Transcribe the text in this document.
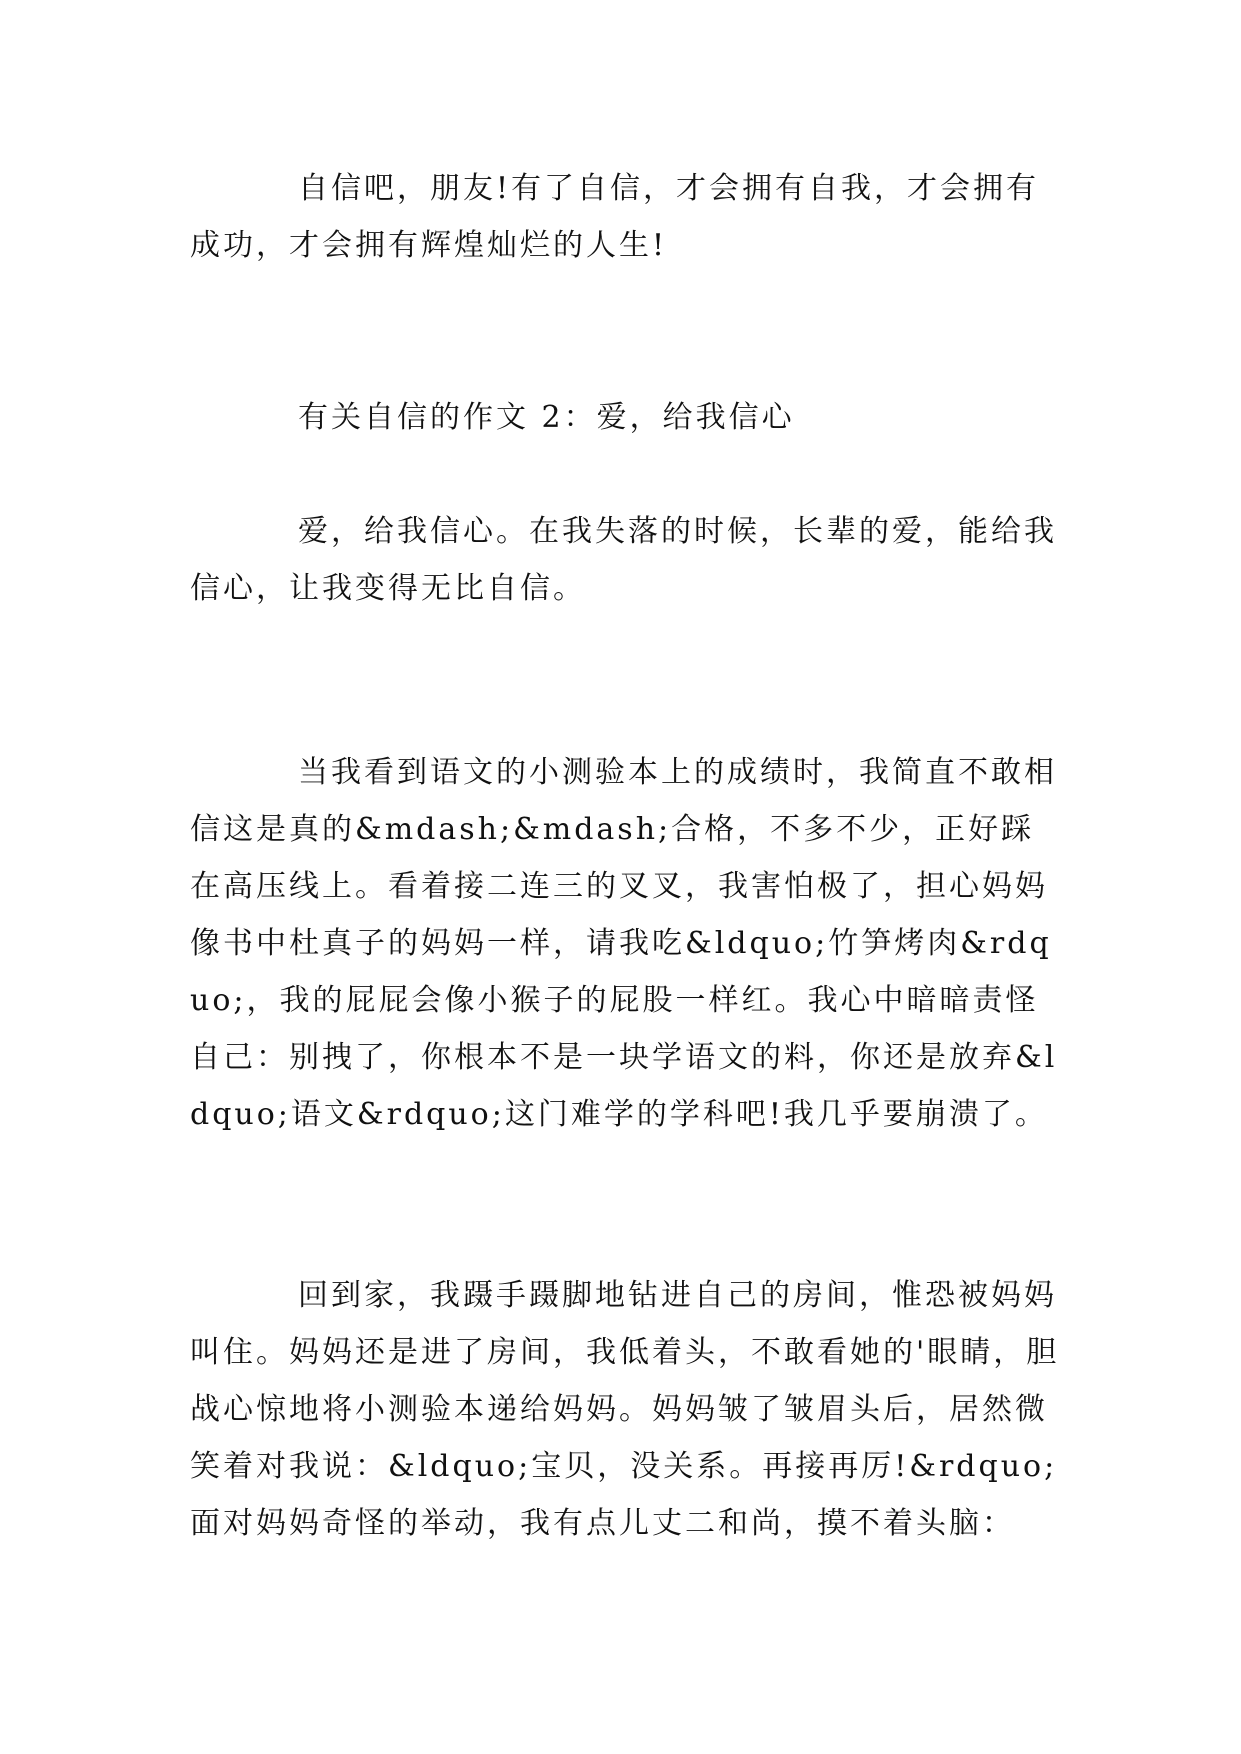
自信吧，朋友!有了自信，才会拥有自我，才会拥有成功，才会拥有辉煌灿烂的人生!

有关自信的作文 2：爱，给我信心

爱，给我信心。在我失落的时候，长辈的爱，能给我信心，让我变得无比自信。

当我看到语文的小测验本上的成绩时，我简直不敢相信这是真的&mdash;&mdash;合格，不多不少，正好踩在高压线上。看着接二连三的叉叉，我害怕极了，担心妈妈像书中杜真子的妈妈一样，请我吃&ldquo;竹笋烤肉&rdquo;，我的屁屁会像小猴子的屁股一样红。我心中暗暗责怪自己：别拽了，你根本不是一块学语文的料，你还是放弃&ldquo;语文&rdquo;这门难学的学科吧!我几乎要崩溃了。

回到家，我蹑手蹑脚地钻进自己的房间，惟恐被妈妈叫住。妈妈还是进了房间，我低着头，不敢看她的'眼睛，胆战心惊地将小测验本递给妈妈。妈妈皱了皱眉头后，居然微笑着对我说：&ldquo;宝贝，没关系。再接再厉!&rdquo;面对妈妈奇怪的举动，我有点儿丈二和尚，摸不着头脑：
